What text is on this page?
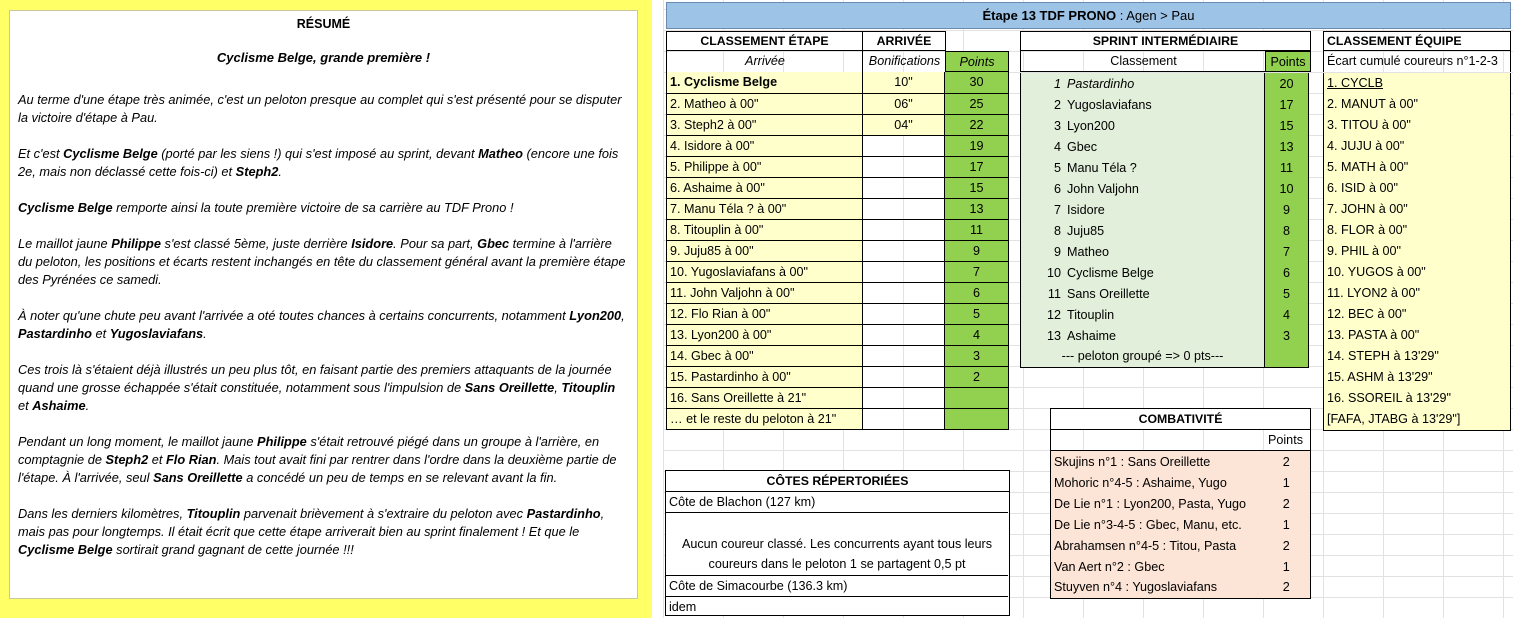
RÉSUMÉ
Cyclisme Belge, grande première !

Au terme d'une étape très animée, c'est un peloton presque au complet qui s'est présenté pour se disputer la victoire d'étape à Pau.

Et c'est Cyclisme Belge (porté par les siens !) qui s'est imposé au sprint, devant Matheo (encore une fois 2e, mais non déclassé cette fois-ci) et Steph2.

Cyclisme Belge remporte ainsi la toute première victoire de sa carrière au TDF Prono !

Le maillot jaune Philippe s'est classé 5ème, juste derrière Isidore. Pour sa part, Gbec termine à l'arrière du peloton, les positions et écarts restent inchangés en tête du classement général avant la première étape des Pyrénées ce samedi.

À noter qu'une chute peu avant l'arrivée a oté toutes chances à certains concurrents, notamment Lyon200, Pastardinho et Yugoslaviafans.

Ces trois là s'étaient déjà illustrés un peu plus tôt, en faisant partie des premiers attaquants de la journée quand une grosse échappée s'était constituée, notamment sous l'impulsion de Sans Oreillette, Titouplin et Ashaime.

Pendant un long moment, le maillot jaune Philippe s'était retrouvé piégé dans un groupe à l'arrière, en comptagnie de Steph2 et Flo Rian. Mais tout avait fini par rentrer dans l'ordre dans la deuxième partie de l'étape. À l'arrivée, seul Sans Oreillette a concédé un peu de temps en se relevant avant la fin.

Dans les derniers kilomètres, Titouplin parvenait brièvement à s'extraire du peloton avec Pastardinho, mais pas pour longtemps. Il était écrit que cette étape arriverait bien au sprint finalement ! Et que le Cyclisme Belge sortirait grand gagnant de cette journée !!!

Étape 13 TDF PRONO : Agen > Pau
CLASSEMENT ÉTAPE	ARRIVÉE
Arrivée	Bonifications	Points
1. Cyclisme Belge	10"	30
2. Matheo à 00"	06"	25
3. Steph2 à 00"	04"	22
4. Isidore à 00"		19
5. Philippe à 00"		17
6. Ashaime à 00"		15
7. Manu Téla ? à 00"		13
8. Titouplin à 00"		11
9. Juju85 à 00"		9
10. Yugoslaviafans à 00"		7
11. John Valjohn à 00"		6
12. Flo Rian à 00"		5
13. Lyon200 à 00"		4
14. Gbec à 00"		3
15. Pastardinho à 00"		2
16. Sans Oreillette à 21"		
… et le reste du peloton à 21"		
SPRINT INTERMÉDIAIRE
Classement	Points
1 Pastardinho	20
2 Yugoslaviafans	17
3 Lyon200	15
4 Gbec	13
5 Manu Téla ?	11
6 John Valjohn	10
7 Isidore	9
8 Juju85	8
9 Matheo	7
10 Cyclisme Belge	6
11 Sans Oreillette	5
12 Titouplin	4
13 Ashaime	3
--- peloton groupé => 0 pts---	
CLASSEMENT ÉQUIPE
Écart cumulé coureurs n°1-2-3
1. CYCLB
2. MANUT à 00"
3. TITOU à 00"
4. JUJU à 00"
5. MATH à 00"
6. ISID à 00"
7. JOHN à 00"
8. FLOR à 00"
9. PHIL à 00"
10. YUGOS à 00"
11. LYON2 à 00"
12. BEC à 00"
13. PASTA à 00"
14. STEPH à 13'29"
15. ASHM à 13'29"
16. SSOREIL à 13'29"
[FAFA, JTABG à 13'29"]
COMBATIVITÉ
Points
Skujins n°1 : Sans Oreillette	2
Mohoric n°4-5 : Ashaime, Yugo	1
De Lie n°1 : Lyon200, Pasta, Yugo	2
De Lie n°3-4-5 : Gbec, Manu, etc.	1
Abrahamsen n°4-5 : Titou, Pasta	2
Van Aert n°2 : Gbec	1
Stuyven n°4 : Yugoslaviafans	2
CÔTES RÉPERTORIÉES
Côte de Blachon (127 km)
Aucun coureur classé. Les concurrents ayant tous leurs
coureurs dans le peloton 1 se partagent 0,5 pt
Côte de Simacourbe (136.3 km)
idem
